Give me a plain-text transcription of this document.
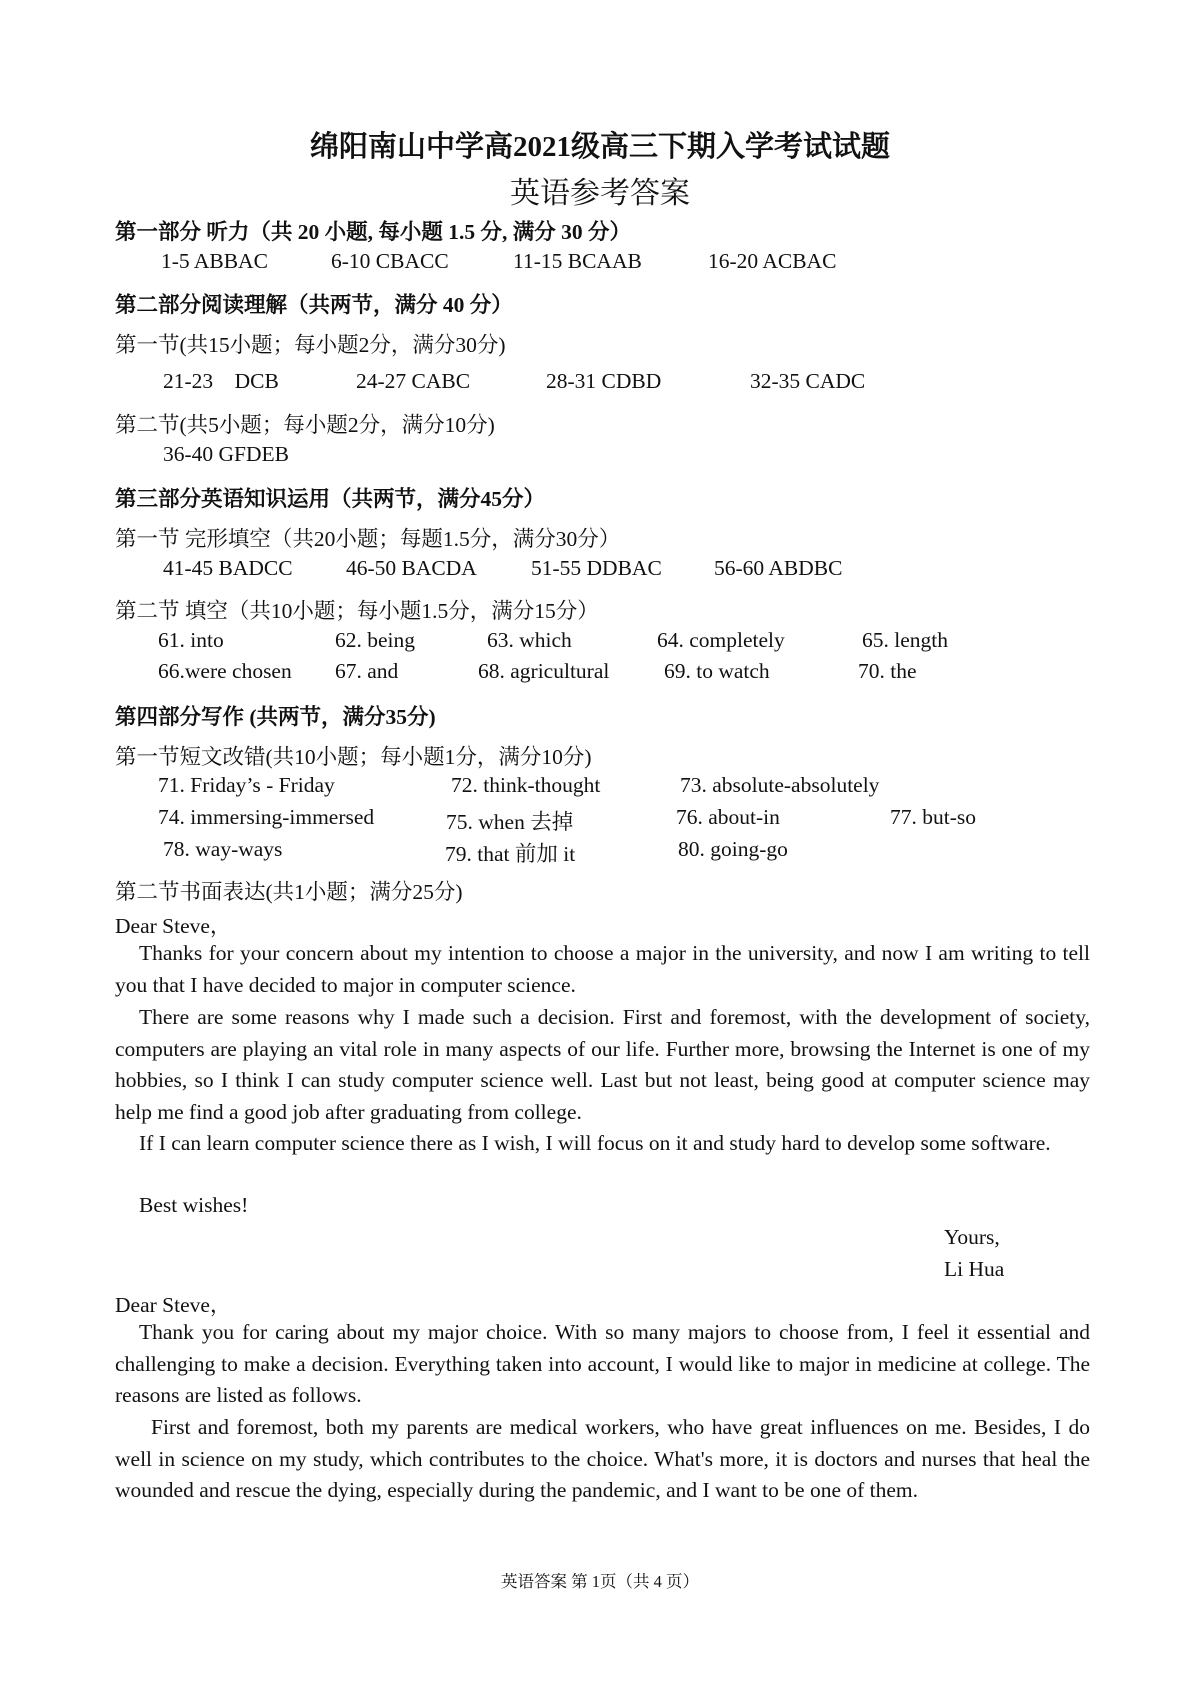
绵阳南山中学高2021级高三下期入学考试试题
英语参考答案
第一部分 听力（共 20 小题, 每小题 1.5 分, 满分 30 分）
1-5 ABBAC	6-10 CBACC	11-15 BCAAB	16-20 ACBAC
第二部分阅读理解（共两节，满分 40 分）
第一节(共15小题；每小题2分，满分30分)
21-23    DCB	24-27 CABC	28-31 CDBD	32-35 CADC
第二节(共5小题；每小题2分，满分10分)
36-40 GFDEB
第三部分英语知识运用（共两节，满分45分）
第一节 完形填空（共20小题；每题1.5分，满分30分）
41-45 BADCC 46-50 BACDA	51-55 DDBAC 56-60 ABDBC
第二节 填空（共10小题；每小题1.5分，满分15分）
61. into	62. being	63. which	64. completely	65. length
66.were chosen 67. and	68. agricultural	69. to watch	70. the
第四部分写作 (共两节，满分35分)
第一节短文改错(共10小题；每小题1分，满分10分)
71. Friday’s - Friday	72. think-thought	73. absolute-absolutely
74. immersing-immersed	75. when 去掉	76. about-in	77. but-so
78. way-ways	79. that 前加 it	80. going-go
第二节书面表达(共1小题；满分25分)
Dear Steve，
Thanks for your concern about my intention to choose a major in the university, and now I am writing to tell you that I have decided to major in computer science.
There are some reasons why I made such a decision. First and foremost, with the development of society, computers are playing an vital role in many aspects of our life. Further more, browsing the Internet is one of my hobbies, so I think I can study computer science well. Last but not least, being good at computer science may help me find a good job after graduating from college.
If I can learn computer science there as I wish, I will focus on it and study hard to develop some software.
Best wishes!
Yours,
Li Hua
Dear Steve，
Thank you for caring about my major choice. With so many majors to choose from, I feel it essential and challenging to make a decision. Everything taken into account, I would like to major in medicine at college. The reasons are listed as follows.
First and foremost, both my parents are medical workers, who have great influences on me. Besides, I do well in science on my study, which contributes to the choice. What's more, it is doctors and nurses that heal the wounded and rescue the dying, especially during the pandemic, and I want to be one of them.
英语答案 第 1页（共 4 页）
